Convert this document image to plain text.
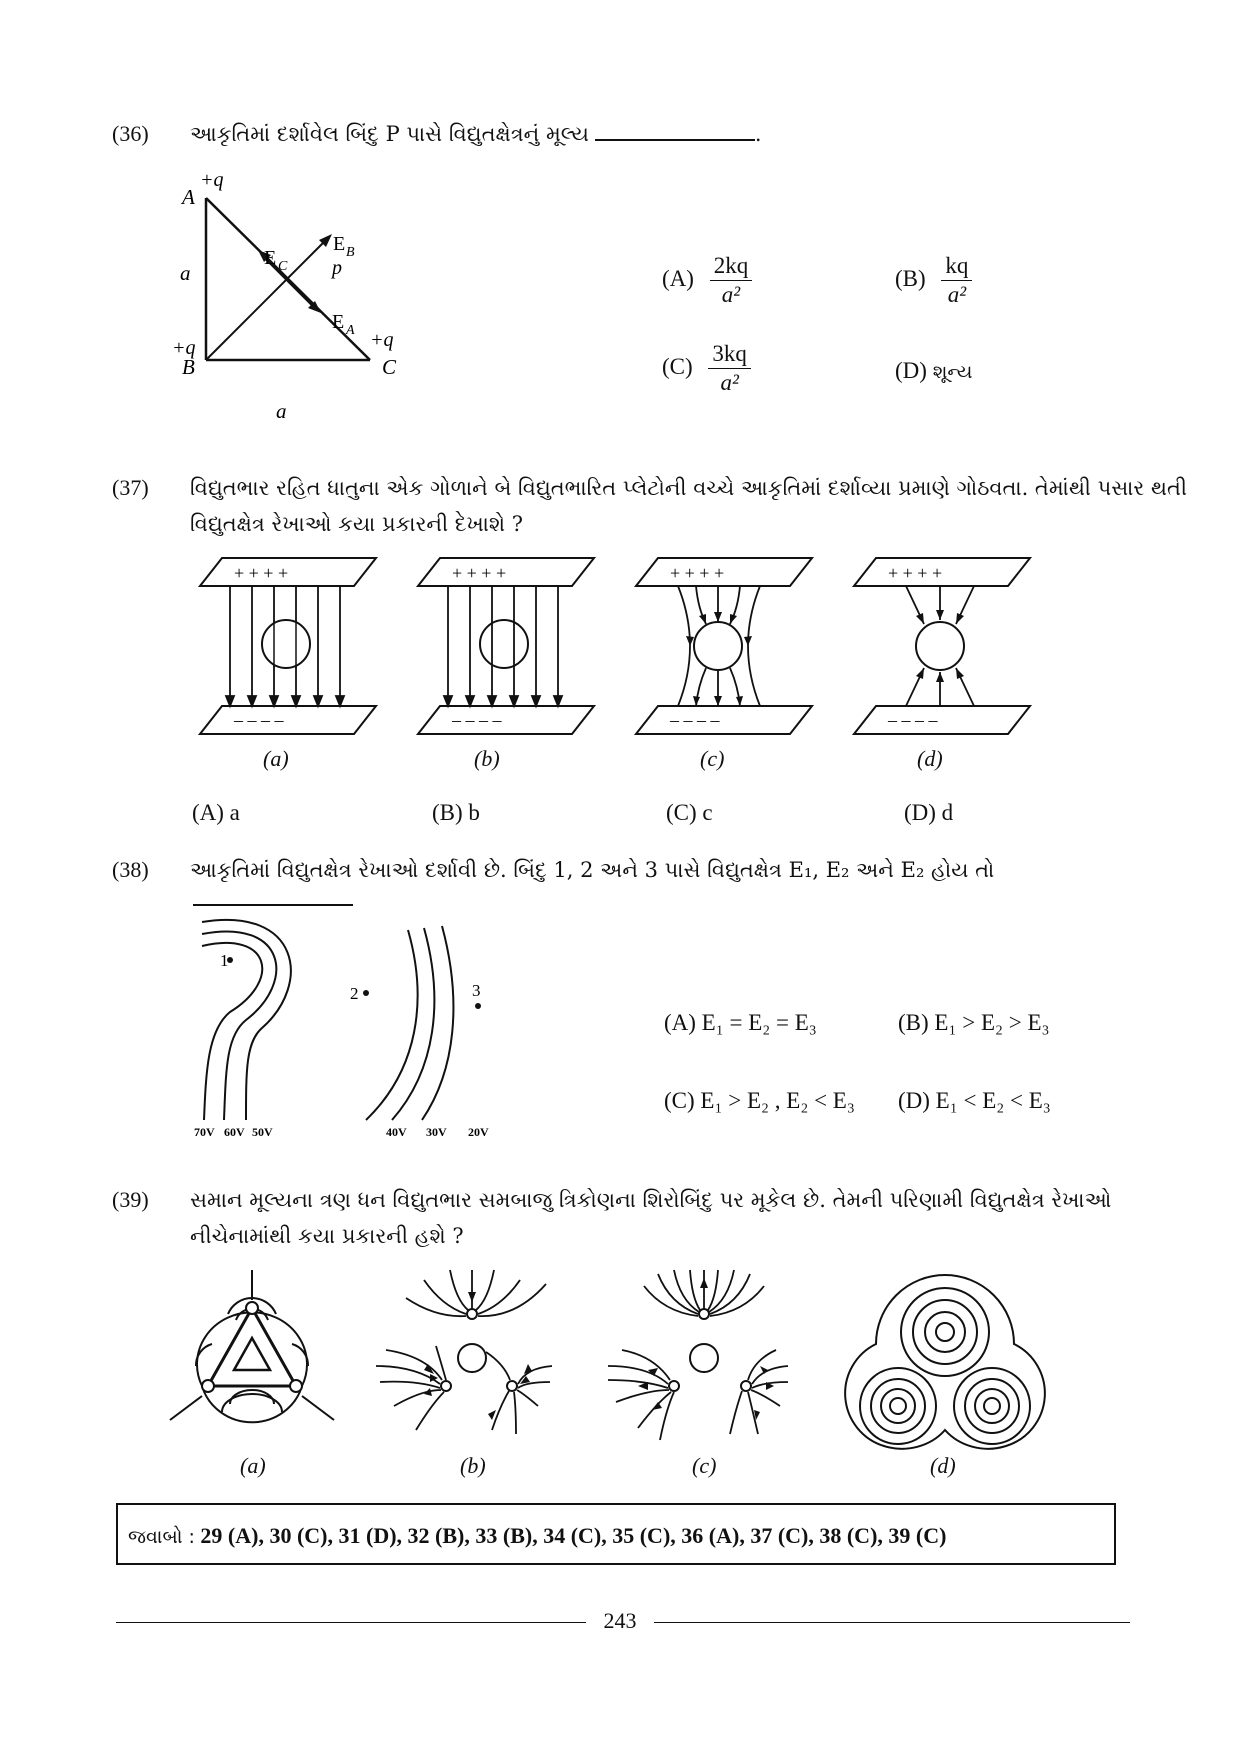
(36) આકૃતિમાં દર્શાવેલ બિંદુ P પાસે વિદ્યુતક્ષેત્રનું મૂલ્ય	.
+q
A
+q
B
+q
C
a
a
E C p
E B
E A
$(A) \frac{2kq}{\text{a²}}$	$(B) \frac{kq}{\text{a²}}$
$(C) \frac{3kq}{\text{a²}}$	(D) શૂન્ય
(37) વિદ્યુતભાર રહિત ધાતુના એક ગોળાને બે વિદ્યુતભારિત પ્લેટોની વચ્ચે આકૃતિમાં દર્શાવ્યા પ્રમાણે ગોઠવતા. તેમાંથી પસાર થતી વિદ્યુતક્ષેત્ર રેખાઓ કયા પ્રકારની દેખાશે ?
+ + + +
– – – –
+ + + +
– – – –
+ + + +
– – – –
+ + + +
– – – –
(a)	(b)	(c)	(d)
(A) a	(B) b	(C) c	(D) d
(38) આકૃતિમાં વિદ્યુતક્ષેત્ર રેખાઓ દર્શાવી છે. બિંદુ 1, 2 અને 3 પાસે વિદ્યુતક્ષેત્ર E₁, E₂ અને E₂ હોય તો
1
2	3
70V 60V 50V	40V 30V 20V
(A) E₁ = E₂ = E₃	(B) E₁ > E₂ > E₃
(C) E₁ > E₂ , E₂ < E₃ (D) E₁ < E₂ < E₃
(39) સમાન મૂલ્યના ત્રણ ધન વિદ્યુતભાર સમબાજુ ત્રિકોણના શિરોબિંદુ પર મૂકેલ છે. તેમની પરિણામી વિદ્યુતક્ષેત્ર રેખાઓ નીચેનામાંથી કયા પ્રકારની હશે ?
(a)	(b)	(c)	(d)
જવાબો : 29 (A), 30 (C), 31 (D), 32 (B), 33 (B), 34 (C), 35 (C), 36 (A), 37 (C), 38 (C), 39 (C)
243
